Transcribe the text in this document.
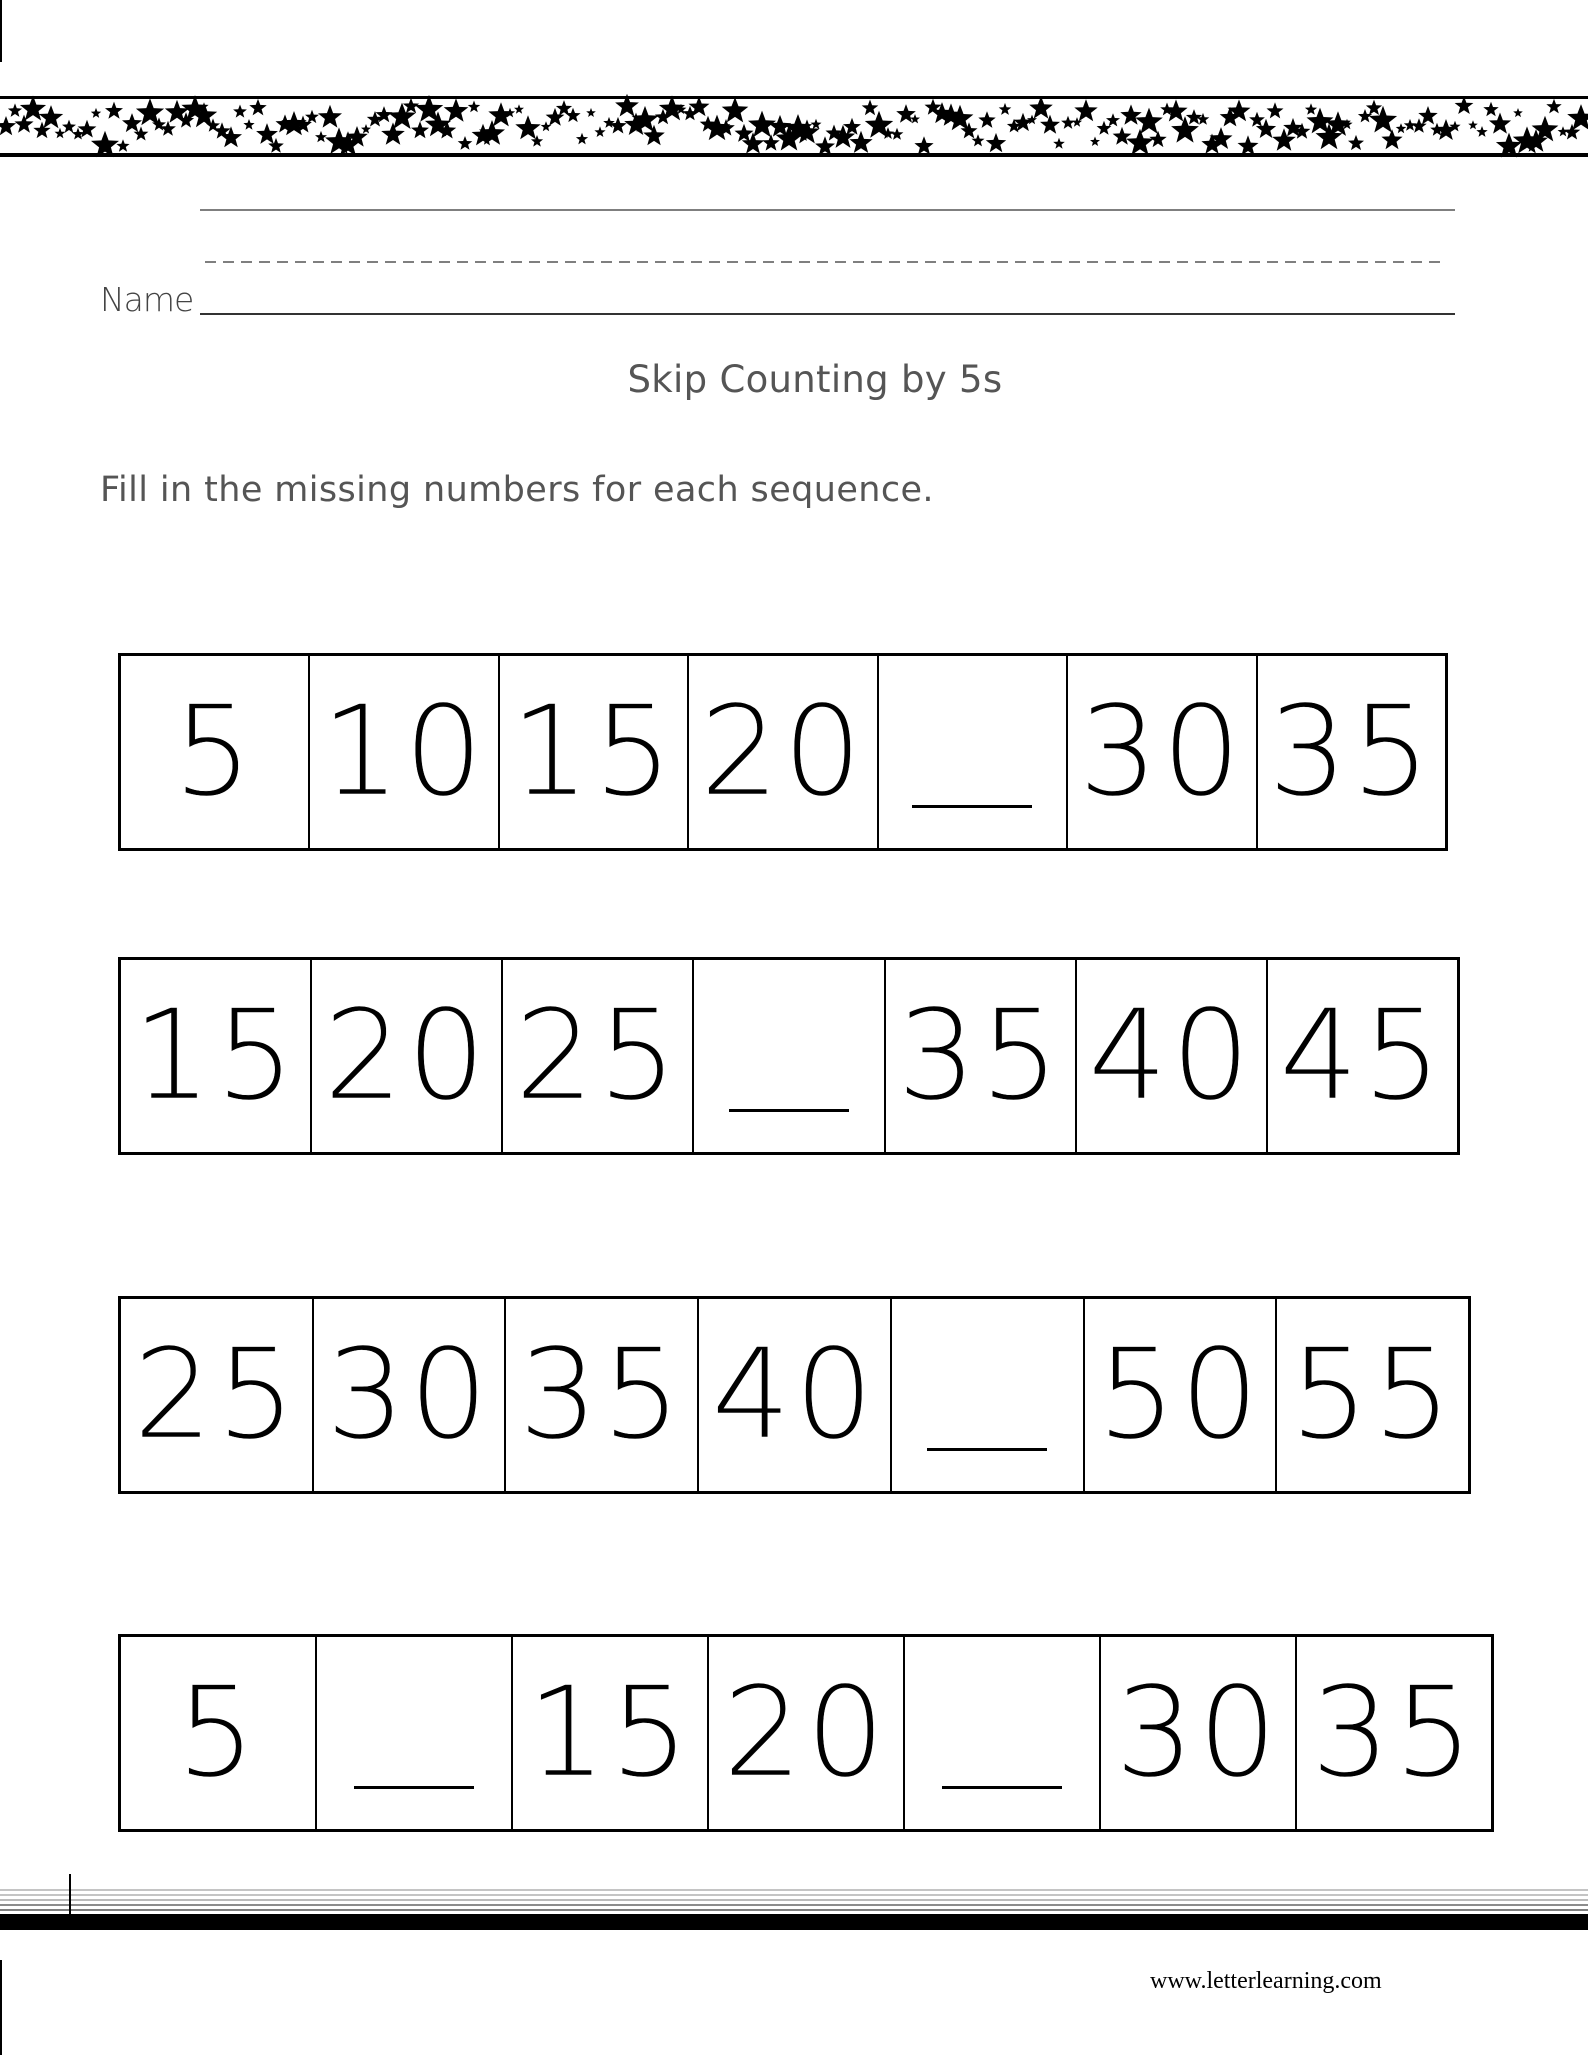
Name
Skip Counting by 5s
Fill in the missing numbers for each sequence.
5 10 15 20 30 35
15 20 25 35 40 45
25 30 35 40 50 55
5	15 20 30 35
www.letterlearning.com
